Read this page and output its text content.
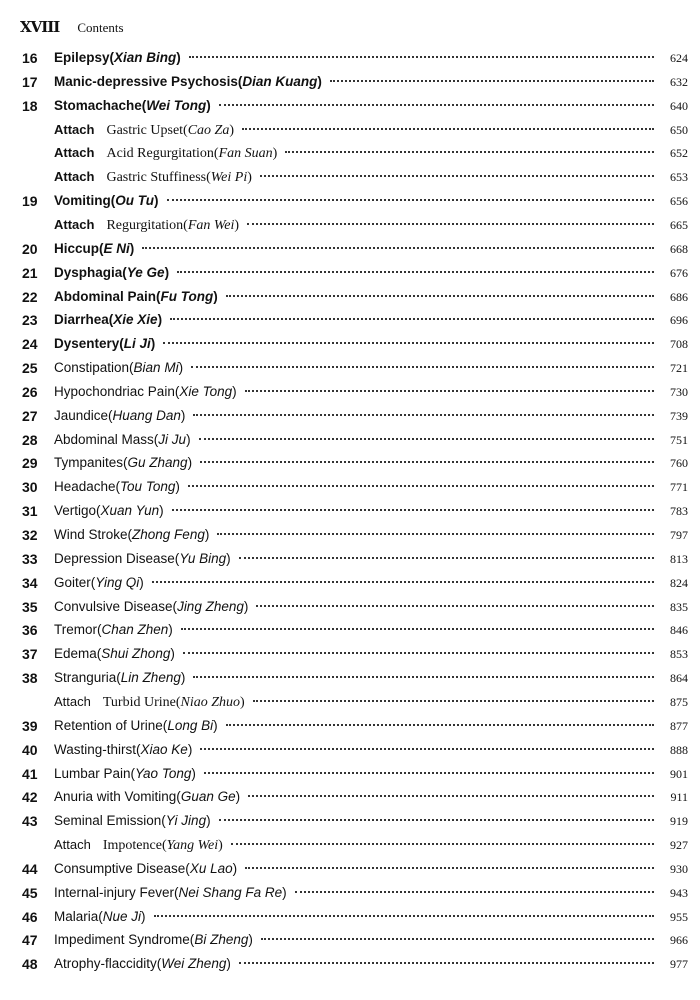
XVIII Contents
16	Epilepsy(Xian Bing)	624
17	Manic-depressive Psychosis(Dian Kuang)	632
18	Stomachache(Wei Tong)	640
Attach Gastric Upset(Cao Za)	650
Attach Acid Regurgitation(Fan Suan)	652
Attach Gastric Stuffiness(Wei Pi)	653
19	Vomiting(Ou Tu)	656
Attach Regurgitation(Fan Wei)	665
20	Hiccup(E Ni)	668
21	Dysphagia(Ye Ge)	676
22	Abdominal Pain(Fu Tong)	686
23	Diarrhea(Xie Xie)	696
24	Dysentery(Li Ji)	708
25	Constipation(Bian Mi)	721
26	Hypochondriac Pain(Xie Tong)	730
27	Jaundice(Huang Dan)	739
28	Abdominal Mass(Ji Ju)	751
29	Tympanites(Gu Zhang)	760
30	Headache(Tou Tong)	771
31	Vertigo(Xuan Yun)	783
32	Wind Stroke(Zhong Feng)	797
33	Depression Disease(Yu Bing)	813
34	Goiter(Ying Qi)	824
35	Convulsive Disease(Jing Zheng)	835
36	Tremor(Chan Zhen)	846
37	Edema(Shui Zhong)	853
38	Stranguria(Lin Zheng)	864
Attach Turbid Urine(Niao Zhuo)	875
39	Retention of Urine(Long Bi)	877
40	Wasting-thirst(Xiao Ke)	888
41	Lumbar Pain(Yao Tong)	901
42	Anuria with Vomiting(Guan Ge)	911
43	Seminal Emission(Yi Jing)	919
Attach Impotence(Yang Wei)	927
44	Consumptive Disease(Xu Lao)	930
45	Internal-injury Fever(Nei Shang Fa Re)	943
46	Malaria(Nue Ji)	955
47	Impediment Syndrome(Bi Zheng)	966
48	Atrophy-flaccidity(Wei Zheng)	977
